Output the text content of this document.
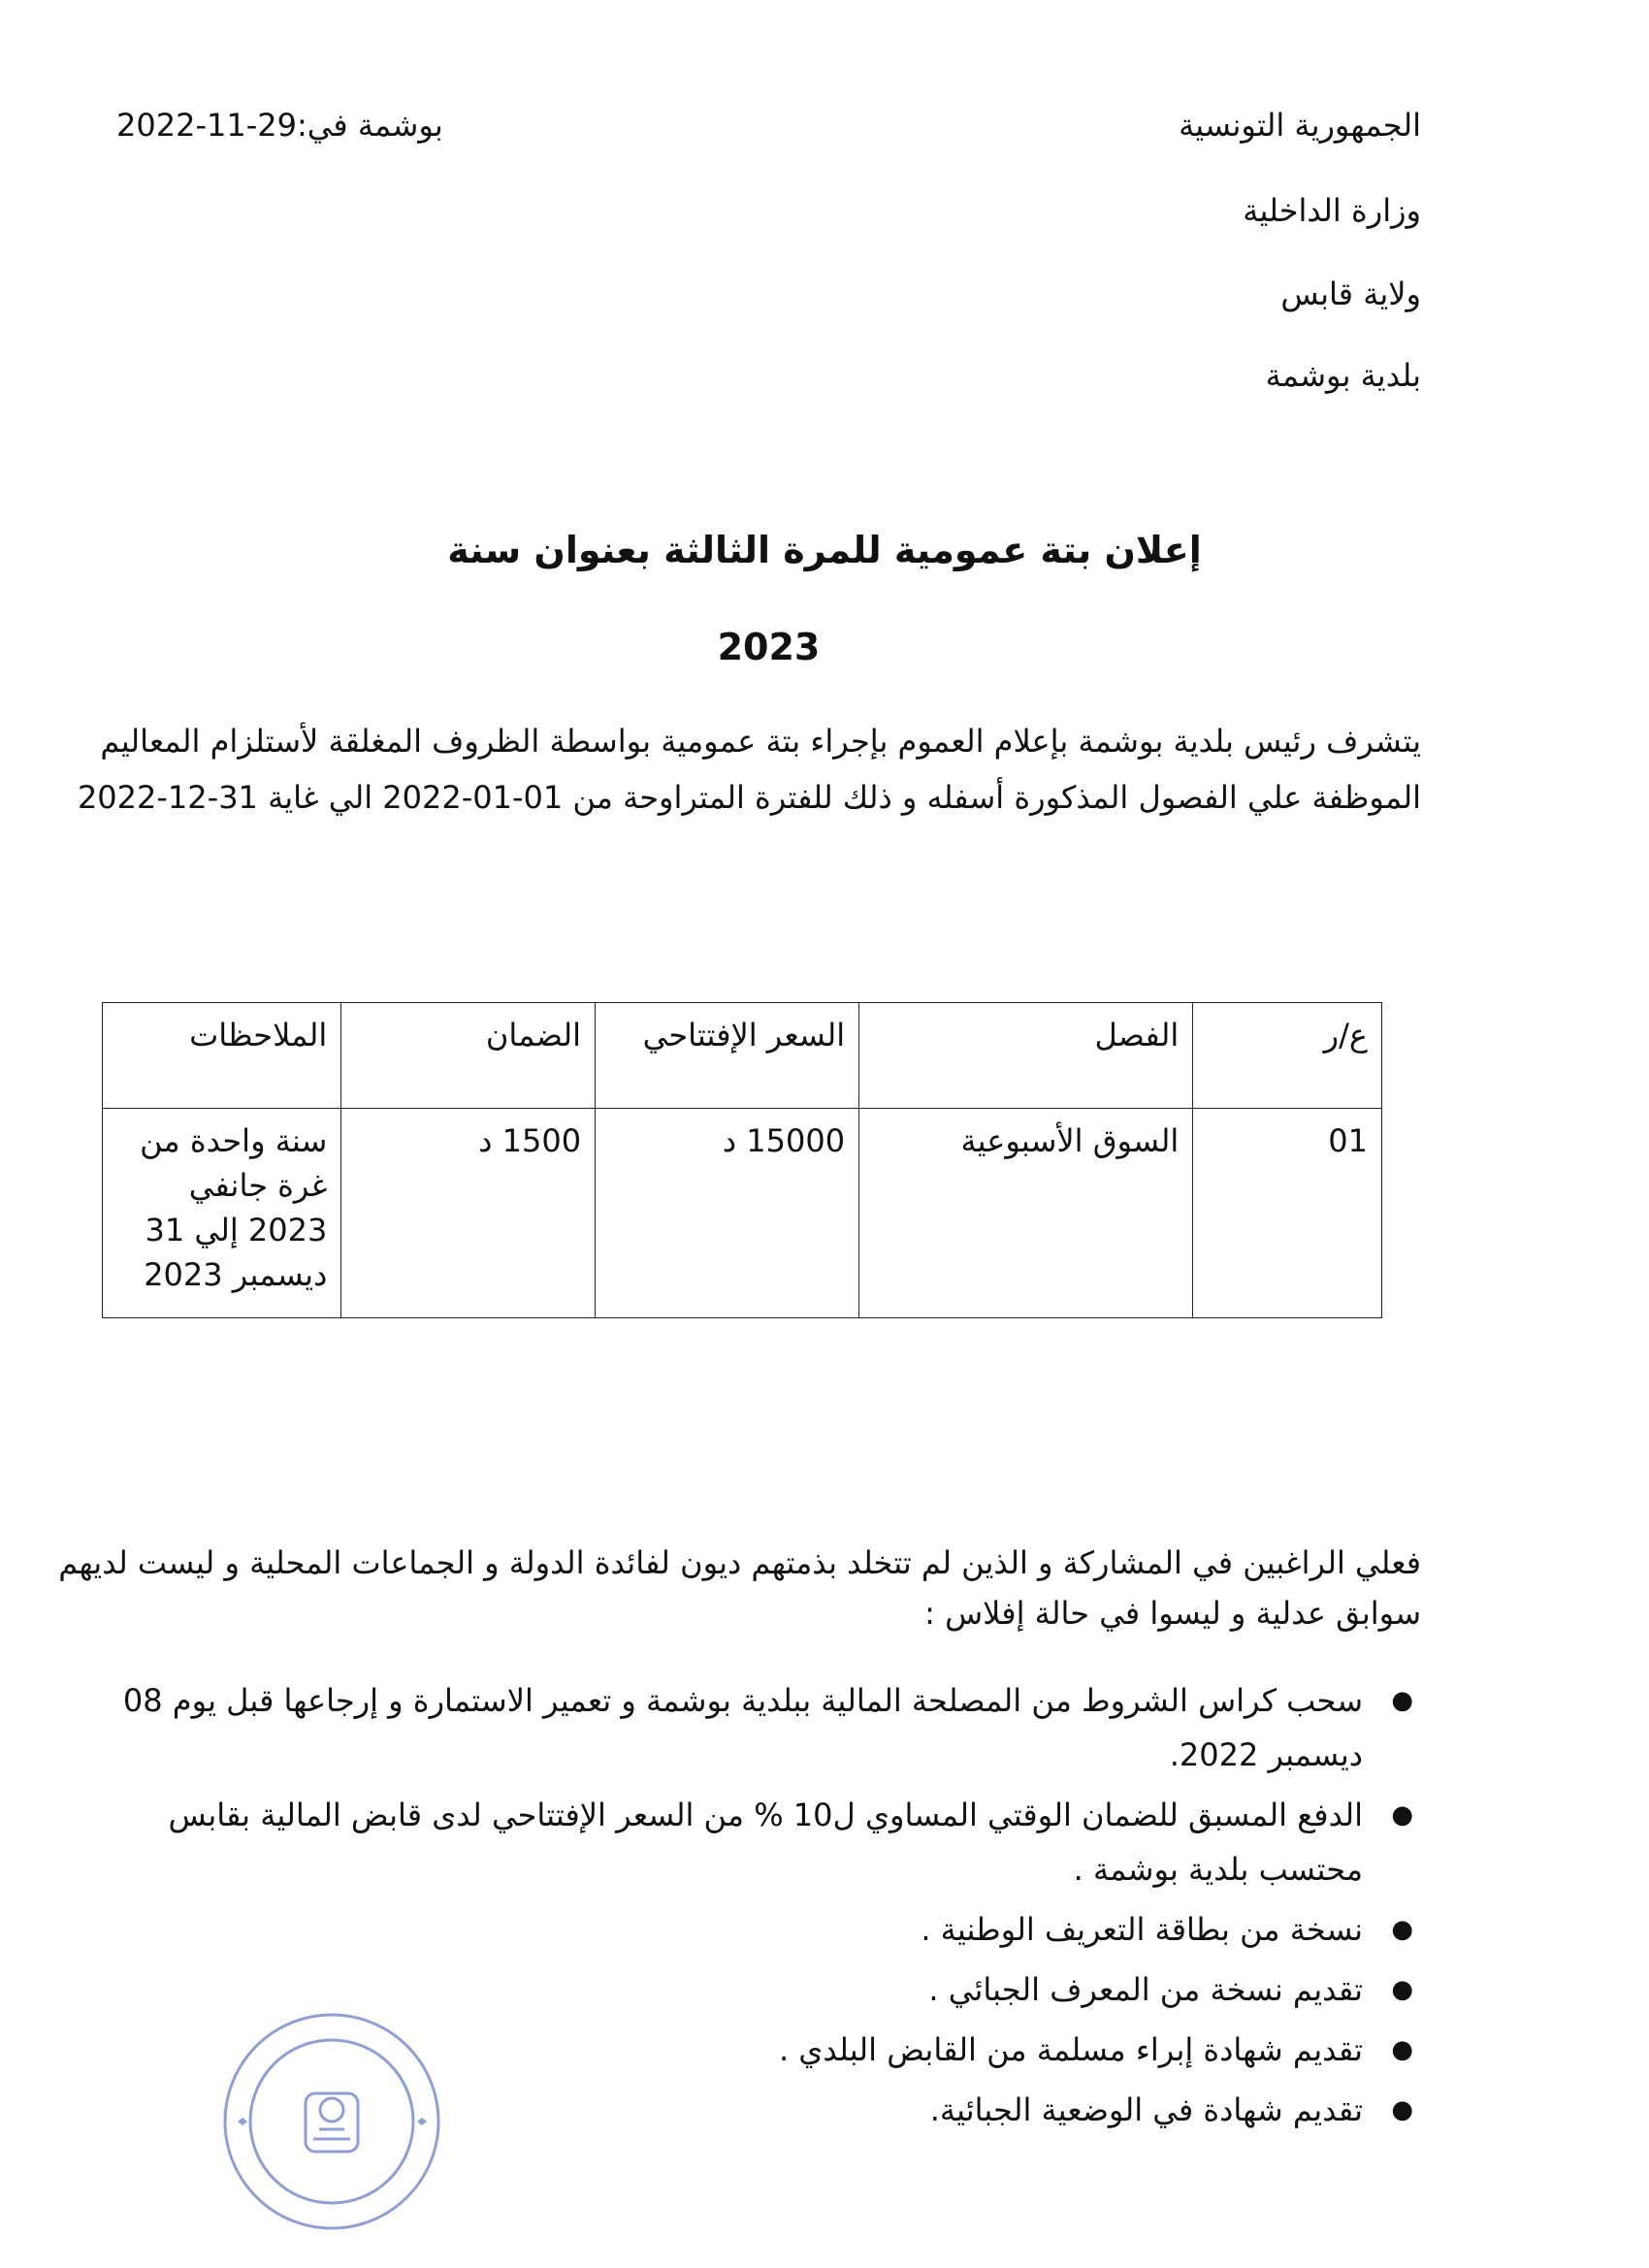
الجمهورية التونسية
وزارة الداخلية
ولاية قابس
بلدية بوشمة
بوشمة في:29-11-2022
إعلان بتة عمومية للمرة الثالثة بعنوان سنة
2023
يتشرف رئيس بلدية بوشمة بإعلام العموم بإجراء بتة عمومية بواسطة الظروف المغلقة لأستلزام المعاليم الموظفة علي الفصول المذكورة أسفله و ذلك للفترة المتراوحة من 01-01-2022 الي غاية 31-12-2022
ع/ر	الفصل	السعر الإفتتاحي	الضمان	الملاحظات
01	السوق الأسبوعية	15000 د	1500 د	سنة واحدة من غرة جانفي 2023 إلي 31 ديسمبر 2023
فعلي الراغبين في المشاركة و الذين لم تتخلد بذمتهم ديون لفائدة الدولة و الجماعات المحلية و ليست لديهم سوابق عدلية و ليسوا في حالة إفلاس :
●
سحب كراس الشروط من المصلحة المالية ببلدية بوشمة و تعمير الاستمارة و إرجاعها قبل يوم 08 ديسمبر 2022.
●
الدفع المسبق للضمان الوقتي المساوي ل10 % من السعر الإفتتاحي لدى قابض المالية بقابس محتسب بلدية بوشمة .
●
نسخة من بطاقة التعريف الوطنية .
●
تقديم نسخة من المعرف الجبائي .
●
تقديم شهادة إبراء مسلمة من القابض البلدي .
●
تقديم شهادة في الوضعية الجبائية.
